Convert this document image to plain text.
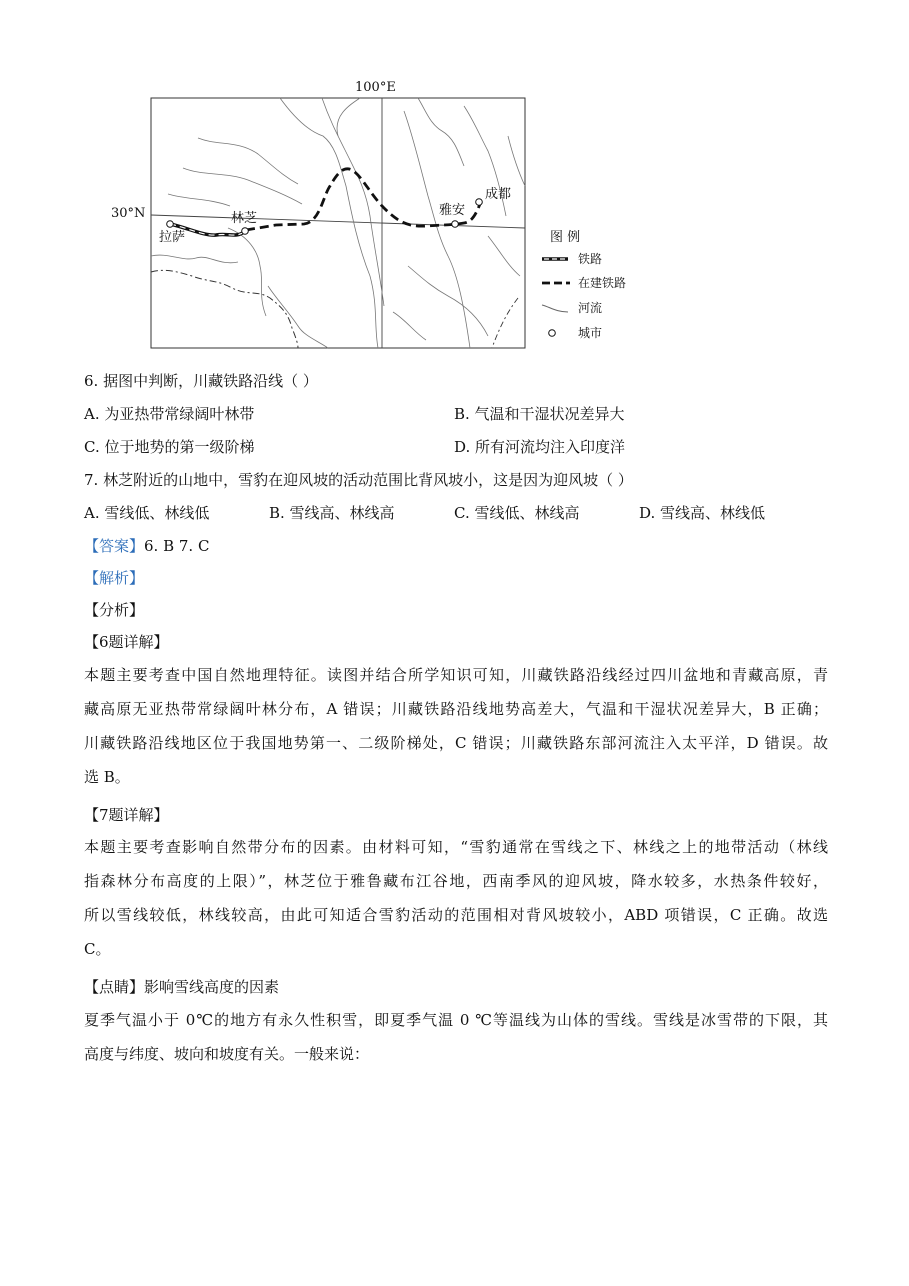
100°E
30°N
拉萨
林芝
雅安
成都
图 例
铁路
在建铁路
河流
城市
6. 据图中判断，川藏铁路沿线（ ）
A. 为亚热带常绿阔叶林带	B. 气温和干湿状况差异大
C. 位于地势的第一级阶梯	D. 所有河流均注入印度洋
7. 林芝附近的山地中，雪豹在迎风坡的活动范围比背风坡小，这是因为迎风坡（ ）
A. 雪线低、林线低	B. 雪线高、林线高	C. 雪线低、林线高	D. 雪线高、林线低
【答案】6. B 7. C
【解析】
【分析】
【6题详解】
本题主要考查中国自然地理特征。读图并结合所学知识可知，川藏铁路沿线经过四川盆地和青藏高原，青
藏高原无亚热带常绿阔叶林分布，A 错误；川藏铁路沿线地势高差大，气温和干湿状况差异大，B 正确；
川藏铁路沿线地区位于我国地势第一、二级阶梯处，C 错误；川藏铁路东部河流注入太平洋，D 错误。故
选 B。
【7题详解】
本题主要考查影响自然带分布的因素。由材料可知，“雪豹通常在雪线之下、林线之上的地带活动（林线
指森林分布高度的上限）”，林芝位于雅鲁藏布江谷地，西南季风的迎风坡，降水较多，水热条件较好，
所以雪线较低，林线较高，由此可知适合雪豹活动的范围相对背风坡较小，ABD 项错误，C 正确。故选
C。
【点睛】影响雪线高度的因素
夏季气温小于 0℃的地方有永久性积雪，即夏季气温 0 ℃等温线为山体的雪线。雪线是冰雪带的下限，其
高度与纬度、坡向和坡度有关。一般来说：
